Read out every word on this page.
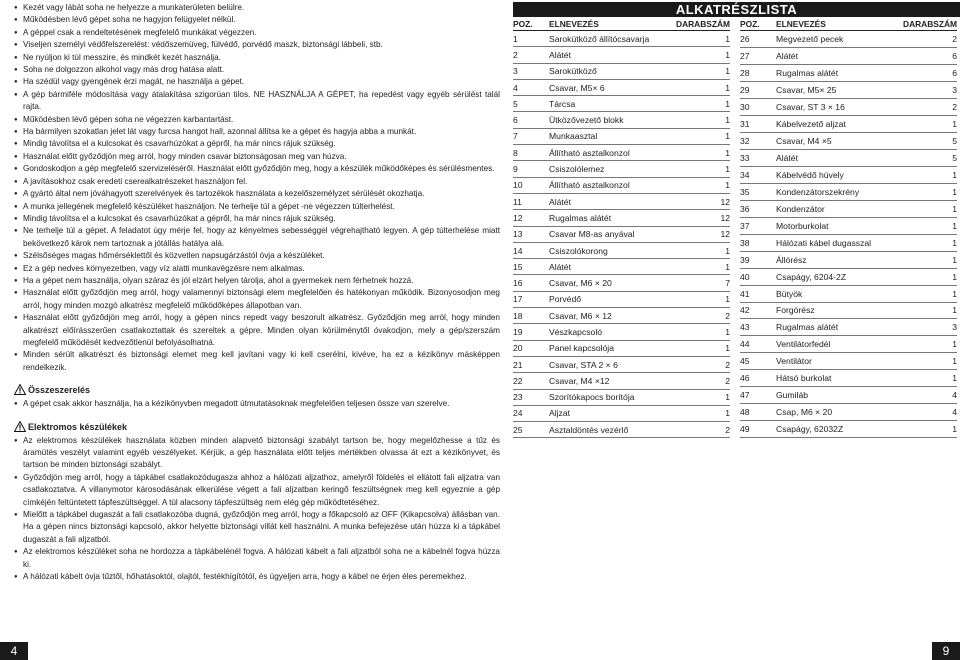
● Kezét vagy lábát soha ne helyezze a munkaterületen belülre.
● Működésben lévő gépet soha ne hagyjon felügyelet nélkül.
● A géppel csak a rendeltetésének megfelelő munkákat végezzen.
● Viseljen személyi védőfelszerelést: védőszemüveg, fülvédő, porvédő maszk, biztonsági lábbeli, stb.
● Ne nyúljon ki túl messzire, és mindkét kezét használja.
● Soha ne dolgozzon alkohol vagy más drog hatása alatt.
● Ha szédül vagy gyengének érzi magát, ne használja a gépet.
● A gép bármiféle módosítása vagy átalakítása szigorúan tilos. NE HASZNÁLJA A GÉPET, ha repedést vagy egyéb sérülést talál rajta.
● Működésben lévő gépen soha ne végezzen karbantartást.
● Ha bármilyen szokatlan jelet lát vagy furcsa hangot hall, azonnal állítsa ke a gépet és hagyja abba a munkát.
● Mindig távolítsa el a kulcsokat és csavarhúzókat a gépről, ha már nincs rájuk szükség.
● Használat előtt győződjön meg arról, hogy minden csavar biztonságosan meg van húzva.
● Gondoskodjon a gép megfelelő szervizeléséről. Használat előtt győződjön meg, hogy a készülék működőképes és sérülésmentes.
● A javításokhoz csak eredeti cserealkatrészeket használjon fel.
● A gyártó által nem jóváhagyott szerelvények és tartozékok használata a kezelőszemélyzet sérülését okozhatja.
● A munka jellegének megfelelő készüléket használjon. Ne terhelje túl a gépet -ne végezzen túlterhelést.
● Mindig távolítsa el a kulcsokat és csavarhúzókat a gépről, ha már nincs rájuk szükség.
● Ne terhelje túl a gépet. A feladatot úgy mérje fel, hogy az kényelmes sebességgel végrehajtható legyen. A gép túlterhelése miatt bekövetkező károk nem tartoznak a jótállás hatálya alá.
● Szélsőséges magas hőmérséklettől és közvetlen napsugárzástól óvja a készüléket.
● Ez a gép nedves környezetben, vagy víz alatti munkavégzésre nem alkalmas.
● Ha a gépet nem használja, olyan száraz és jól elzárt helyen tárolja, ahol a gyermekek nem férhetnek hozzá.
● Használat előtt győződjön meg arról, hogy valamennyi biztonsági elem megfelelően és hatékonyan működik. Bizonyosodjon meg arról, hogy minden mozgó alkatrész megfelelő működőképes állapotban van.
● Használat előtt győződjön meg arról, hogy a gépen nincs repedt vagy beszorult alkatrész. Győződjön meg arról, hogy minden alkatrészt előírásszerűen csatlakoztattak és szereltek a gépre. Minden olyan körülménytől óvakodjon, mely a gép/szerszám megfelelő működését kedvezőtlenül befolyásolhatná.
● Minden sérült alkatrészt és biztonsági elemet meg kell javítani vagy ki kell cserélni, kivéve, ha ez a kézikönyv másképpen rendelkezik.
Összeszerelés
● A gépet csak akkor használja, ha a kézikönyvben megadott útmutatásoknak megfelelően teljesen össze van szerelve.
Elektromos készülékek
● Az elektromos készülékek használata közben minden alapvető biztonsági szabályt tartson be, hogy megelőzhesse a tűz és áramütés veszélyt valamint egyéb veszélyeket. Kérjük, a gép használata előtt teljes mértékben olvassa át ezt a kézikönyvet, és tartson be minden biztonsági szabályt.
● Győződjön meg arról, hogy a tápkábel csatlakozódugasza ahhoz a hálózati aljzathoz, amelyről földelés el ellátott fali aljzatra van csatlakoztatva. A villanymotor károsodásának elkerülése végett a fali aljzatban keringő feszültségnek meg kell egyeznie a gép címkéjén feltüntetett tápfeszültséggel. A túl alacsony tápfeszültség nem elég gép működtetéséhez.
● Mielőtt a tápkábel dugaszát a fali csatlakozóba dugná, győződjön meg arról, hogy a főkapcsoló az OFF (Kikapcsolva) állásban van. Ha a gépen nincs biztonsági kapcsoló, akkor helyette biztonsági villát kell használni. A munka befejezése után húzza ki a tápkábel dugaszát a fali aljzatból.
● Az elektromos készüléket soha ne hordozza a tápkábelénél fogva. A hálózati kábelt a fali aljzatból soha ne a kábelnél fogva húzza ki.
● A hálózati kábelt óvja tűztől, hőhatásoktól, olajtól, festékhígítótól, és ügyeljen arra, hogy a kábel ne érjen éles peremekhez.
ALKATRÉSZLISTA
POZ.	ELNEVEZÉS	DARABSZÁM
1	Sarokütköző állítócsavarja	1
2	Alátét	1
3	Sarokütköző	1
4	Csavar, M5× 6	1
5	Tárcsa	1
6	Ütközővezető blokk	1
7	Munkaasztal	1
8	Állítható asztalkonzol	1
9	Csiszolólemez	1
10	Állítható asztalkonzol	1
11	Alátét	12
12	Rugalmas alátét	12
13	Csavar M8-as anyával	12
14	Csiszolókorong	1
15	Alátét	1
16	Csavar, M6 × 20	7
17	Porvédő	1
18	Csavar, M6 × 12	2
19	Vészkapcsoló	1
20	Panel kapcsolója	1
21	Csavar, STA 2 × 6	2
22	Csavar, M4 ×12	2
23	Szorítókapocs borítója	1
24	Aljzat	1
25	Asztaldöntés vezérlő	2
POZ.	ELNEVEZÉS	DARABSZÁM
26	Megvezető pecek	2
27	Alátét	6
28	Rugalmas alátét	6
29	Csavar, M5× 25	3
30	Csavar, ST 3 × 16	2
31	Kábelvezető aljzat	1
32	Csavar, M4 ×5	5
33	Alátét	5
34	Kábelvédő hüvely	1
35	Kondenzátorszekrény	1
36	Kondenzátor	1
37	Motorburkolat	1
38	Hálózati kábel dugasszal	1
39	Állórész	1
40	Csapágy, 6204-2Z	1
41	Bütyök	1
42	Forgórész	1
43	Rugalmas alátét	3
44	Ventilátorfedél	1
45	Ventilátor	1
46	Hátsó burkolat	1
47	Gumiláb	4
48	Csap, M6 × 20	4
49	Csapágy, 62032Z	1
4	9
